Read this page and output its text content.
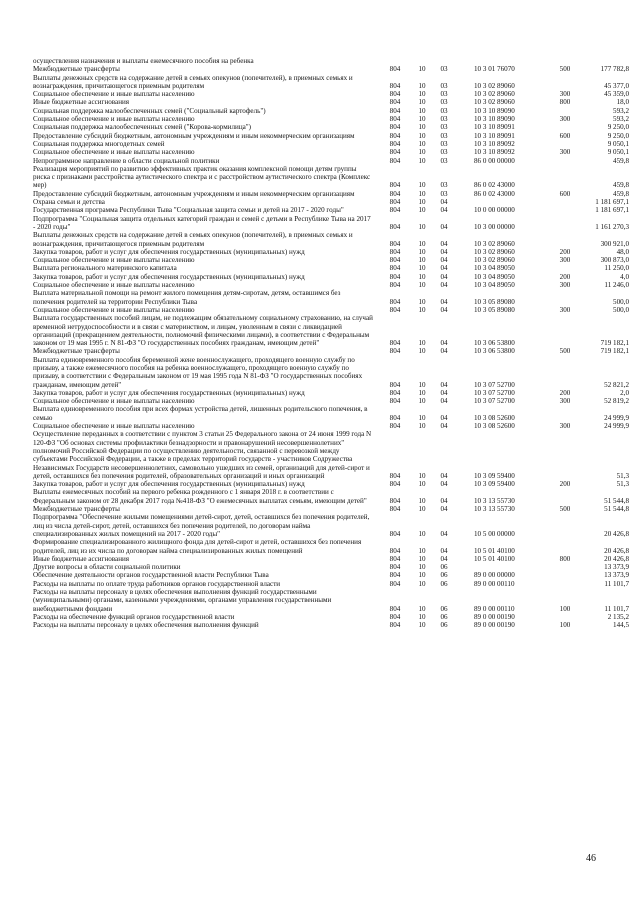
осуществления назначения и выплаты ежемесячного пособия на ребенка
Межбюджетные трансферты	804	10	03	10 3 01 76070	500	177 782,8
Выплаты денежных средств на содержание детей в семьях опекунов (попечителей), в приемных семьях и вознаграждения, причитающегося приемным родителям	804	10	03	10 3 02 89060	45 377,0
Социальное обеспечение и иные выплаты населению	804	10	03	10 3 02 89060	300	45 359,0
Иные бюджетные ассигнования	804	10	03	10 3 02 89060	800	18,0
Социальная поддержка малообеспеченных семей ("Социальный картофель")	804	10	03	10 3 10 89090	593,2
Социальное обеспечение и иные выплаты населению	804	10	03	10 3 10 89090	300	593,2
Социальная поддержка малообеспеченных семей ("Корова-кормилица")	804	10	03	10 3 10 89091	9 250,0
Предоставление субсидий бюджетным, автономным учреждениям и иным некоммерческим организациям	804	10	03	10 3 10 89091	600	9 250,0
Социальная поддержка многодетных семей	804	10	03	10 3 10 89092	9 050,1
Социальное обеспечение и иные выплаты населению	804	10	03	10 3 10 89092	300	9 050,1
Непрограммное направление в области социальной политики	804	10	03	86 0 00 00000	459,8
Реализация мероприятий по развитию эффективных практик оказания комплексной помощи детям группы риска с признаками расстройства аутистического спектра и с расстройством аутистического спектра (Комплекс мер)	804	10	03	86 0 02 43000	459,8
Предоставление субсидий бюджетным, автономным учреждениям и иным некоммерческим организациям	804	10	03	86 0 02 43000	600	459,8
Охрана семьи и детства	804	10	04	1 181 697,1
Государственная программа Республики Тыва "Социальная защита семьи и детей на 2017 - 2020 годы"	804	10	04	10 0 00 00000	1 181 697,1
Подпрограмма "Социальная защита отдельных категорий граждан и семей с детьми в Республике Тыва на 2017 - 2020 годы"	804	10	04	10 3 00 00000	1 161 270,3
Выплаты денежных средств на содержание детей в семьях опекунов (попечителей), в приемных семьях и вознаграждения, причитающегося приемным родителям	804	10	04	10 3 02 89060	300 921,0
Закупка товаров, работ и услуг для обеспечения государственных (муниципальных) нужд	804	10	04	10 3 02 89060	200	48,0
Социальное обеспечение и иные выплаты населению	804	10	04	10 3 02 89060	300	300 873,0
Выплата регионального материнского капитала	804	10	04	10 3 04 89050	11 250,0
Закупка товаров, работ и услуг для обеспечения государственных (муниципальных) нужд	804	10	04	10 3 04 89050	200	4,0
Социальное обеспечение и иные выплаты населению	804	10	04	10 3 04 89050	300	11 246,0
Выплата материальной помощи на ремонт жилого помещения детям-сиротам, детям, оставшимся без попечения родителей на территории Республики Тыва	804	10	04	10 3 05 89080	500,0
Социальное обеспечение и иные выплаты населению	804	10	04	10 3 05 89080	300	500,0
Выплата государственных пособий лицам, не подлежащим обязательному социальному страхованию, на случай временной нетрудоспособности и в связи с материнством, и лицам, уволенным в связи с ликвидацией организаций (прекращением деятельности, полномочий физическими лицами), в соответствии с Федеральным законом от 19 мая 1995 г. N 81-ФЗ "О государственных пособиях гражданам, имеющим детей"	804	10	04	10 3 06 53800	719 182,1
Межбюджетные трансферты	804	10	04	10 3 06 53800	500	719 182,1
Выплата единовременного пособия беременной жене военнослужащего, проходящего военную службу по призыву, а также ежемесячного пособия на ребенка военнослужащего, проходящего военную службу по призыву, в соответствии с Федеральным законом от 19 мая 1995 года N 81-ФЗ "О государственных пособиях гражданам, имеющим детей"	804	10	04	10 3 07 52700	52 821,2
Закупка товаров, работ и услуг для обеспечения государственных (муниципальных) нужд	804	10	04	10 3 07 52700	200	2,0
Социальное обеспечение и иные выплаты населению	804	10	04	10 3 07 52700	300	52 819,2
Выплата единовременного пособия при всех формах устройства детей, лишенных родительского попечения, в семью	804	10	04	10 3 08 52600	24 999,9
Социальное обеспечение и иные выплаты населению	804	10	04	10 3 08 52600	300	24 999,9
Осуществление переданных в соответствии с пунктом 3 статьи 25 Федерального закона от 24 июня 1999 года N 120-ФЗ "Об основах системы профилактики безнадзорности и правонарушений несовершеннолетних" полномочий Российской Федерации по осуществлению деятельности, связанной с перевозкой между субъектами Российской Федерации, а также в пределах территорий государств - участников Содружества Независимых Государств несовершеннолетних, самовольно ушедших из семей, организаций для детей-сирот и детей, оставшихся без попечения родителей, образовательных организаций и иных организаций	804	10	04	10 3 09 59400	51,3
Закупка товаров, работ и услуг для обеспечения государственных (муниципальных) нужд	804	10	04	10 3 09 59400	200	51,3
Выплаты ежемесячных пособий на первого ребенка рожденного с 1 января 2018 г. в соответствии с Федеральным законом от 28 декабря 2017 года №418-ФЗ "О ежемесячных выплатах семьям, имеющим детей"	804	10	04	10 3 13 55730	51 544,8
Межбюджетные трансферты	804	10	04	10 3 13 55730	500	51 544,8
Подпрограмма "Обеспечение жилыми помещениями детей-сирот, детей, оставшихся без попечения родителей, лиц из числа детей-сирот, детей, оставшихся без попечения родителей, по договорам найма специализированных жилых помещений на 2017 - 2020 годы"	804	10	04	10 5 00 00000	20 426,8
Формирование специализированного жилищного фонда для детей-сирот и детей, оставшихся без попечения родителей, лиц из их числа по договорам найма специализированных жилых помещений	804	10	04	10 5 01 40100	20 426,8
Иные бюджетные ассигнования	804	10	04	10 5 01 40100	800	20 426,8
Другие вопросы в области социальной политики	804	10	06	13 373,9
Обеспечение деятельности органов государственной власти Республики Тыва	804	10	06	89 0 00 00000	13 373,9
Расходы на выплаты по оплате труда работников органов государственной власти	804	10	06	89 0 00 00110	11 101,7
Расходы на выплаты персоналу в целях обеспечения выполнения функций государственными (муниципальными) органами, казенными учреждениями, органами управления государственными внебюджетными фондами	804	10	06	89 0 00 00110	100	11 101,7
Расходы на обеспечение функций органов государственной власти	804	10	06	89 0 00 00190	2 135,2
Расходы на выплаты персоналу в целях обеспечения выполнения функций	804	10	06	89 0 00 00190	100	144,5
46
